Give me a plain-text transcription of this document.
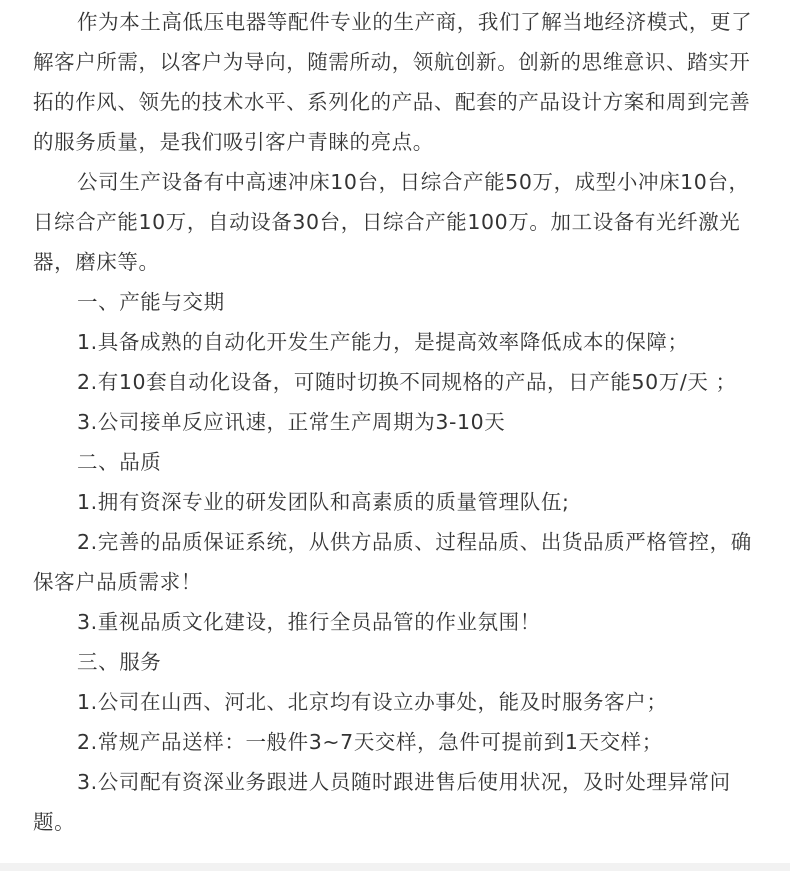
作为本土高低压电器等配件专业的生产商，我们了解当地经济模式，更了解客户所需，以客户为导向，随需所动，领航创新。创新的思维意识、踏实开拓的作风、领先的技术水平、系列化的产品、配套的产品设计方案和周到完善的服务质量，是我们吸引客户青睐的亮点。

公司生产设备有中高速冲床10台，日综合产能50万，成型小冲床10台，日综合产能10万，自动设备30台，日综合产能100万。加工设备有光纤激光器，磨床等。

一、产能与交期

1.具备成熟的自动化开发生产能力，是提高效率降低成本的保障；

2.有10套自动化设备，可随时切换不同规格的产品，日产能50万/天 ；

3.公司接单反应讯速，正常生产周期为3-10天

二、品质

1.拥有资深专业的研发团队和高素质的质量管理队伍;

2.完善的品质保证系统，从供方品质、过程品质、出货品质严格管控，确保客户品质需求！

3.重视品质文化建设，推行全员品管的作业氛围！

三、服务

1.公司在山西、河北、北京均有设立办事处，能及时服务客户；

2.常规产品送样：一般件3~7天交样，急件可提前到1天交样；

3.公司配有资深业务跟进人员随时跟进售后使用状况，及时处理异常问题。
